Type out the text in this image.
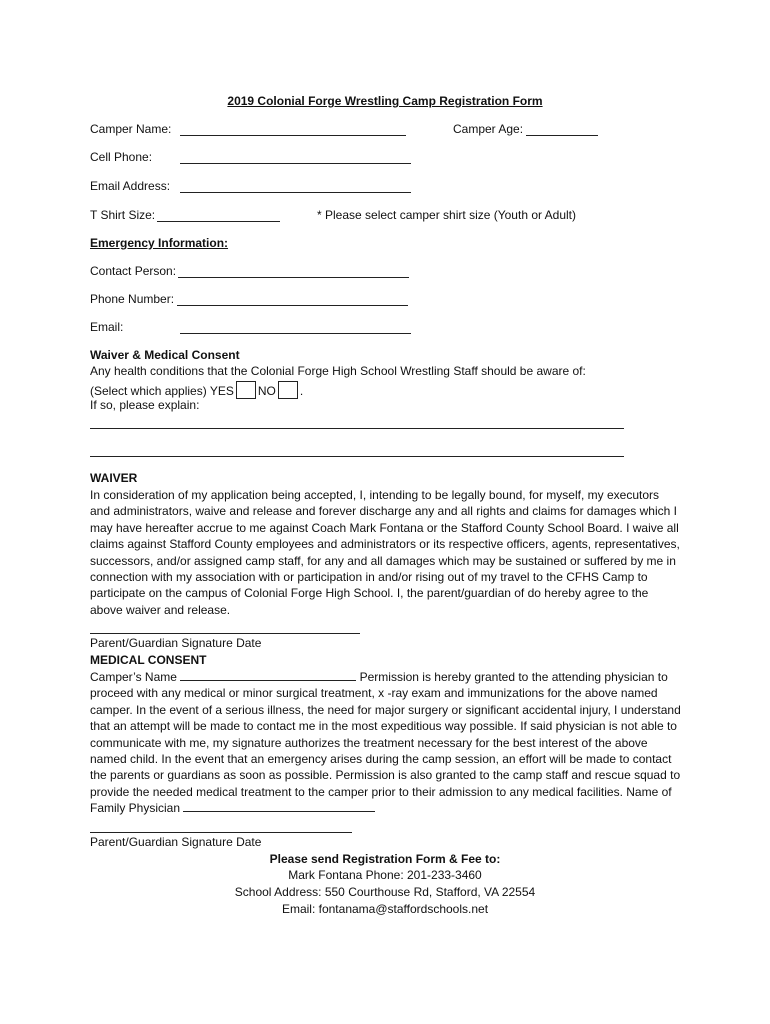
2019 Colonial Forge Wrestling Camp Registration Form
Camper Name:	Camper Age:
Cell Phone:
Email Address:
T Shirt Size:	* Please select camper shirt size (Youth or Adult)
Emergency Information:
Contact Person:
Phone Number:
Email:
Waiver & Medical Consent
Any health conditions that the Colonial Forge High School Wrestling Staff should be aware of:
(Select which applies) YES NO .
If so, please explain:
WAIVER
In consideration of my application being accepted, I, intending to be legally bound, for myself, my executors and administrators, waive and release and forever discharge any and all rights and claims for damages which I may have hereafter accrue to me against Coach Mark Fontana or the Stafford County School Board. I waive all claims against Stafford County employees and administrators or its respective officers, agents, representatives, successors, and/or assigned camp staff, for any and all damages which may be sustained or suffered by me in connection with my association with or participation in and/or rising out of my travel to the CFHS Camp to participate on the campus of Colonial Forge High School. I, the parent/guardian of do hereby agree to the above waiver and release.
Parent/Guardian Signature Date
MEDICAL CONSENT
Camper’s Name	Permission is hereby granted to the attending physician to proceed with any medical or minor surgical treatment, x -ray exam and immunizations for the above named camper. In the event of a serious illness, the need for major surgery or significant accidental injury, I understand that an attempt will be made to contact me in the most expeditious way possible. If said physician is not able to communicate with me, my signature authorizes the treatment necessary for the best interest of the above named child. In the event that an emergency arises during the camp session, an effort will be made to contact the parents or guardians as soon as possible. Permission is also granted to the camp staff and rescue squad to provide the needed medical treatment to the camper prior to their admission to any medical facilities. Name of Family Physician
Parent/Guardian Signature Date
Please send Registration Form & Fee to:
Mark Fontana Phone: 201-233-3460
School Address: 550 Courthouse Rd, Stafford, VA 22554
Email: fontanama@staffordschools.net
